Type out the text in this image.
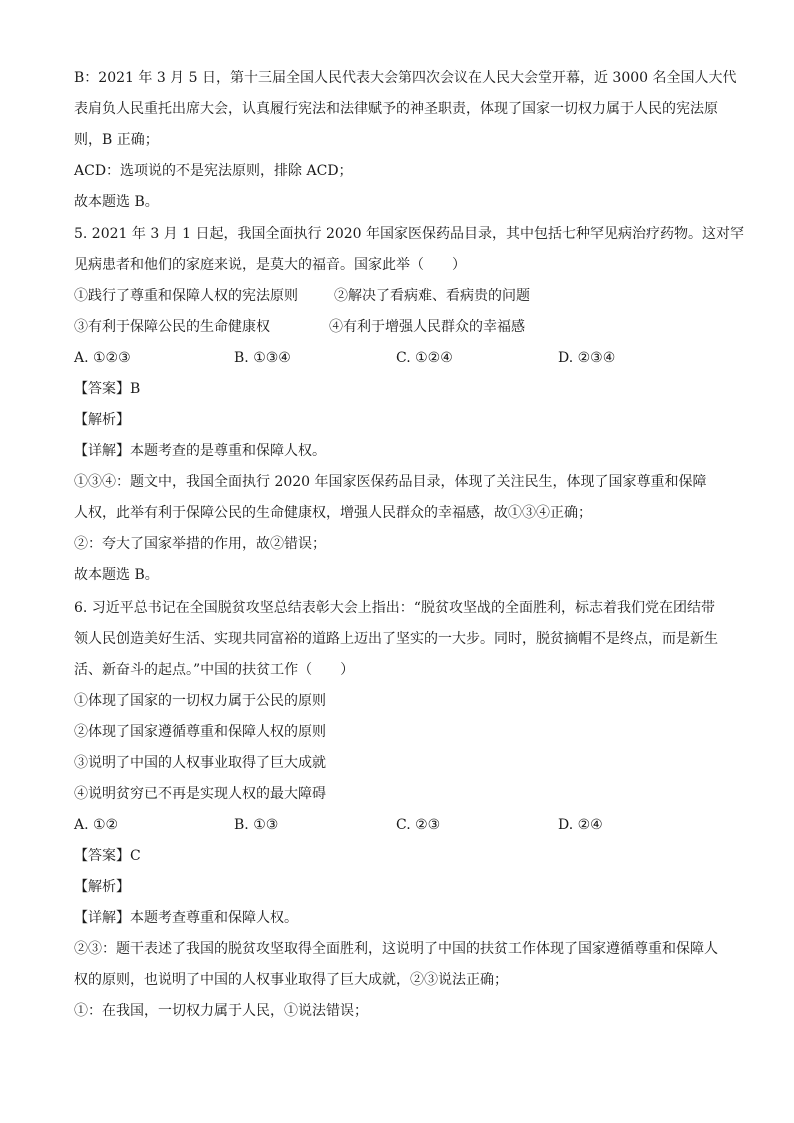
B：2021 年 3 月 5 日，第十三届全国人民代表大会第四次会议在人民大会堂开幕，近 3000 名全国人大代
表肩负人民重托出席大会，认真履行宪法和法律赋予的神圣职责，体现了国家一切权力属于人民的宪法原
则，B 正确；
ACD：选项说的不是宪法原则，排除 ACD；
故本题选 B。
5. 2021 年 3 月 1 日起，我国全面执行 2020 年国家医保药品目录，其中包括七种罕见病治疗药物。这对罕
见病患者和他们的家庭来说，是莫大的福音。国家此举（　　）
①践行了尊重和保障人权的宪法原则	②解决了看病难、看病贵的问题
③有利于保障公民的生命健康权	④有利于增强人民群众的幸福感
A. ①②③	B. ①③④	C. ①②④	D. ②③④
【答案】B
【解析】
【详解】本题考查的是尊重和保障人权。
①③④：题文中，我国全面执行 2020 年国家医保药品目录，体现了关注民生，体现了国家尊重和保障
人权，此举有利于保障公民的生命健康权，增强人民群众的幸福感，故①③④正确；
②：夸大了国家举措的作用，故②错误；
故本题选 B。
6. 习近平总书记在全国脱贫攻坚总结表彰大会上指出：“脱贫攻坚战的全面胜利，标志着我们党在团结带
领人民创造美好生活、实现共同富裕的道路上迈出了坚实的一大步。同时，脱贫摘帽不是终点，而是新生
活、新奋斗的起点。”中国的扶贫工作（　　）
①体现了国家的一切权力属于公民的原则
②体现了国家遵循尊重和保障人权的原则
③说明了中国的人权事业取得了巨大成就
④说明贫穷已不再是实现人权的最大障碍
A. ①②	B. ①③	C. ②③	D. ②④
【答案】C
【解析】
【详解】本题考查尊重和保障人权。
②③：题干表述了我国的脱贫攻坚取得全面胜利，这说明了中国的扶贫工作体现了国家遵循尊重和保障人
权的原则，也说明了中国的人权事业取得了巨大成就，②③说法正确；
①：在我国，一切权力属于人民，①说法错误；
